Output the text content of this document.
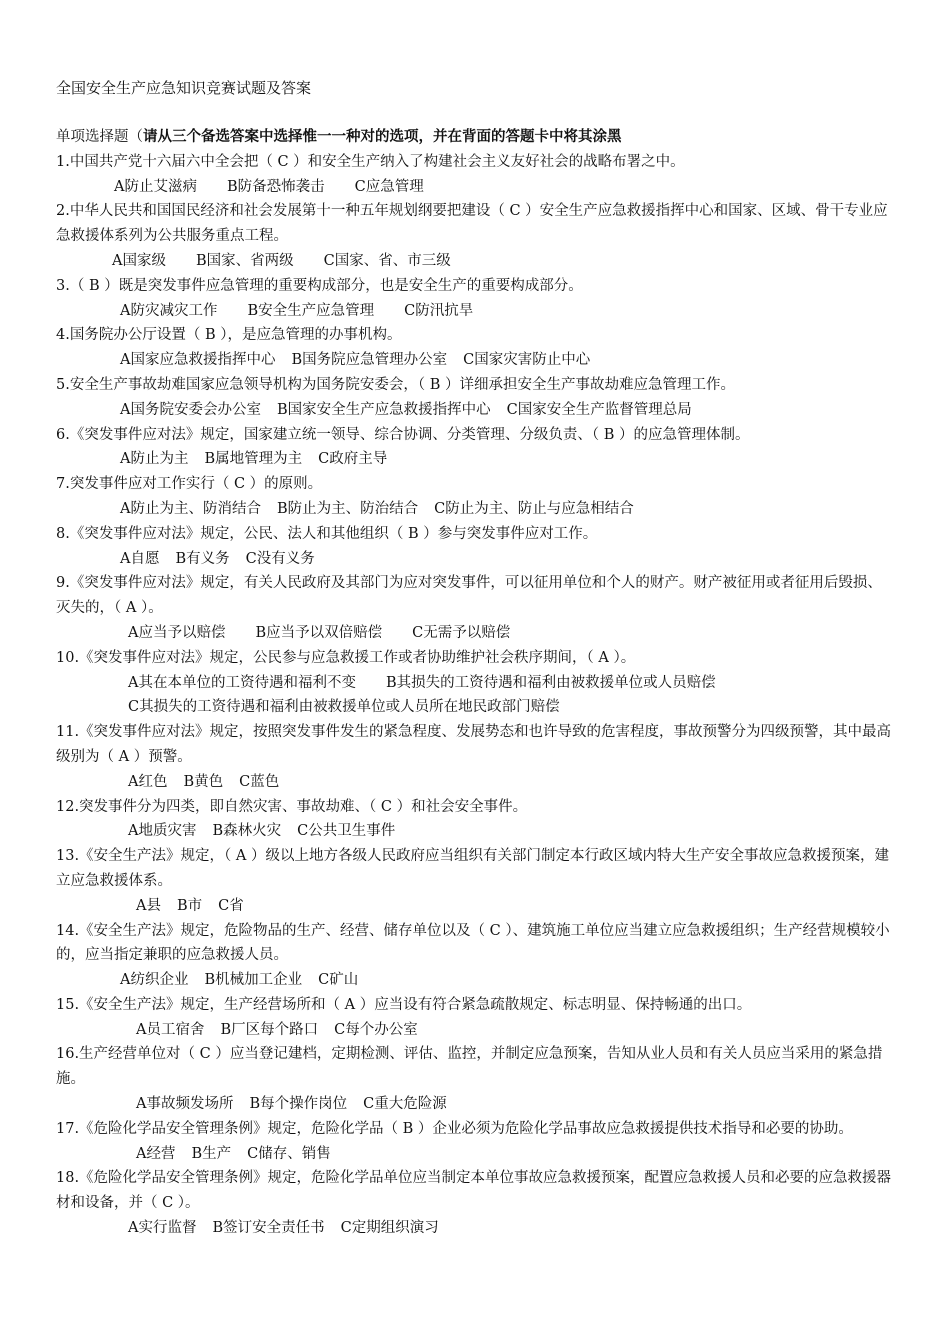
全国安全生产应急知识竞赛试题及答案
单项选择题（请从三个备选答案中选择惟一一种对的选项，并在背面的答题卡中将其涂黑
1.中国共产党十六届六中全会把（ C ）和安全生产纳入了构建社会主义友好社会的战略布署之中。
A防止艾滋病 B防备恐怖袭击 C应急管理
2.中华人民共和国国民经济和社会发展第十一种五年规划纲要把建设（ C ）安全生产应急救援指挥中心和国家、区域、骨干专业应急救援体系列为公共服务重点工程。
A国家级 B国家、省两级 C国家、省、市三级
3.（ B ）既是突发事件应急管理的重要构成部分，也是安全生产的重要构成部分。
A防灾减灾工作 B安全生产应急管理 C防汛抗旱
4.国务院办公厅设置（ B ），是应急管理的办事机构。
A国家应急救援指挥中心 B国务院应急管理办公室 C国家灾害防止中心
5.安全生产事故劫难国家应急领导机构为国务院安委会，（ B ）详细承担安全生产事故劫难应急管理工作。
A国务院安委会办公室 B国家安全生产应急救援指挥中心 C国家安全生产监督管理总局
6.《突发事件应对法》规定，国家建立统一领导、综合协调、分类管理、分级负责、（ B ）的应急管理体制。
A防止为主 B属地管理为主 C政府主导
7.突发事件应对工作实行（ C ）的原则。
A防止为主、防消结合 B防止为主、防治结合 C防止为主、防止与应急相结合
8.《突发事件应对法》规定，公民、法人和其他组织（ B ）参与突发事件应对工作。
A自愿 B有义务 C没有义务
9.《突发事件应对法》规定，有关人民政府及其部门为应对突发事件，可以征用单位和个人的财产。财产被征用或者征用后毁损、灭失的，（ A ）。
A应当予以赔偿 B应当予以双倍赔偿 C无需予以赔偿
10.《突发事件应对法》规定，公民参与应急救援工作或者协助维护社会秩序期间，（ A ）。
A其在本单位的工资待遇和福利不变 B其损失的工资待遇和福利由被救援单位或人员赔偿
C其损失的工资待遇和福利由被救援单位或人员所在地民政部门赔偿
11.《突发事件应对法》规定，按照突发事件发生的紧急程度、发展势态和也许导致的危害程度，事故预警分为四级预警，其中最高级别为（ A ）预警。
A红色 B黄色 C蓝色
12.突发事件分为四类，即自然灾害、事故劫难、（ C ）和社会安全事件。
A地质灾害 B森林火灾 C公共卫生事件
13.《安全生产法》规定，（ A ）级以上地方各级人民政府应当组织有关部门制定本行政区域内特大生产安全事故应急救援预案，建立应急救援体系。
A县 B市 C省
14.《安全生产法》规定，危险物品的生产、经营、储存单位以及（ C ）、建筑施工单位应当建立应急救援组织；生产经营规模较小的，应当指定兼职的应急救援人员。
A纺织企业 B机械加工企业 C矿山
15.《安全生产法》规定，生产经营场所和（ A ）应当设有符合紧急疏散规定、标志明显、保持畅通的出口。
A员工宿舍 B厂区每个路口 C每个办公室
16.生产经营单位对（ C ）应当登记建档，定期检测、评估、监控，并制定应急预案，告知从业人员和有关人员应当采用的紧急措施。
A事故频发场所 B每个操作岗位 C重大危险源
17.《危险化学品安全管理条例》规定，危险化学品（ B ）企业必须为危险化学品事故应急救援提供技术指导和必要的协助。
A经营 B生产 C储存、销售
18.《危险化学品安全管理条例》规定，危险化学品单位应当制定本单位事故应急救援预案，配置应急救援人员和必要的应急救援器材和设备，并（ C ）。
A实行监督 B签订安全责任书 C定期组织演习
